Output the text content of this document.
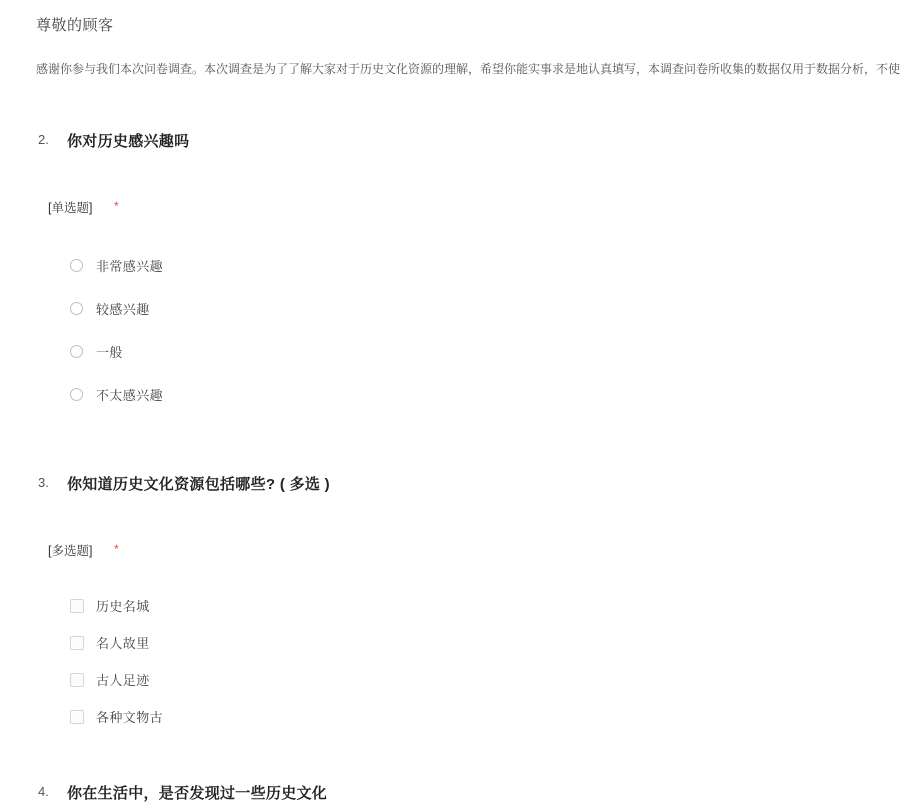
尊敬的顾客
感谢你参与我们本次问卷调查。本次调查是为了了解大家对于历史文化资源的理解，希望你能实事求是地认真填写，本调查问卷所收集的数据仅用于数据分析，不使
2. 你对历史感兴趣吗
[单选题] *
非常感兴趣
较感兴趣
一般
不太感兴趣
3. 你知道历史文化资源包括哪些? ( 多选 )
[多选题] *
历史名城
名人故里
古人足迹
各种文物古
4. 你在生活中，是否发现过一些历史文化
